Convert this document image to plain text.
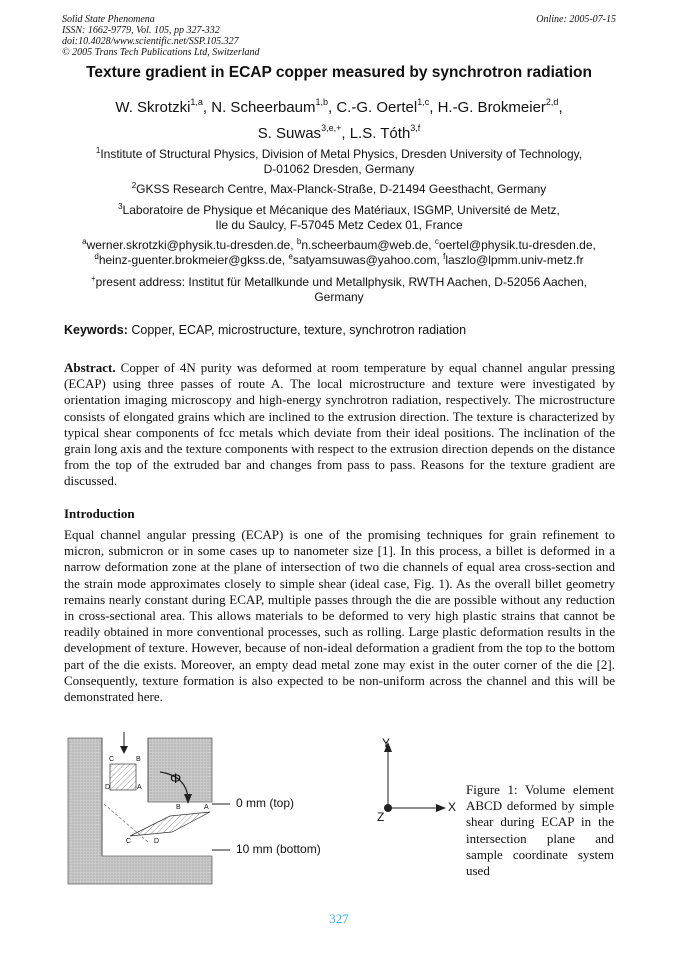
Solid State Phenomena
ISSN: 1662-9779, Vol. 105, pp 327-332
doi:10.4028/www.scientific.net/SSP.105.327
© 2005 Trans Tech Publications Ltd, Switzerland
Online: 2005-07-15
Texture gradient in ECAP copper measured by synchrotron radiation
W. Skrotzki$^{1,a}$, N. Scheerbaum$^{1,b}$, C.-G. Oertel$^{1,c}$, H.-G. Brokmeier$^{2,d}$,
S. Suwas$^{3,e,+}$, L.S. Tóth$^{3,f}$
$^1$Institute of Structural Physics, Division of Metal Physics, Dresden University of Technology,
D-01062 Dresden, Germany
$^2$GKSS Research Centre, Max-Planck-Straße, D-21494 Geesthacht, Germany
$^3$Laboratoire de Physique et Mécanique des Matériaux, ISGMP, Université de Metz,
Ile du Saulcy, F-57045 Metz Cedex 01, France
$^a$werner.skrotzki@physik.tu-dresden.de, $^b$n.scheerbaum@web.de, $^c$oertel@physik.tu-dresden.de,
$^d$heinz-guenter.brokmeier@gkss.de, $^e$satyamsuwas@yahoo.com, $^f$laszlo@lpmm.univ-metz.fr
+present address: Institut für Metallkunde und Metallphysik, RWTH Aachen, D-52056 Aachen,
Germany
Keywords: Copper, ECAP, microstructure, texture, synchrotron radiation
Abstract. Copper of 4N purity was deformed at room temperature by equal channel angular pressing (ECAP) using three passes of route A. The local microstructure and texture were investigated by orientation imaging microscopy and high-energy synchrotron radiation, respectively. The microstructure consists of elongated grains which are inclined to the extrusion direction. The texture is characterized by typical shear components of fcc metals which deviate from their ideal positions. The inclination of the grain long axis and the texture components with respect to the extrusion direction depends on the distance from the top of the extruded bar and changes from pass to pass. Reasons for the texture gradient are discussed.
Introduction
Equal channel angular pressing (ECAP) is one of the promising techniques for grain refinement to micron, submicron or in some cases up to nanometer size [1]. In this process, a billet is deformed in a narrow deformation zone at the plane of intersection of two die channels of equal area cross-section and the strain mode approximates closely to simple shear (ideal case, Fig. 1). As the overall billet geometry remains nearly constant during ECAP, multiple passes through the die are possible without any reduction in cross-sectional area. This allows materials to be deformed to very high plastic strains that cannot be readily obtained in more conventional processes, such as rolling. Large plastic deformation results in the development of texture. However, because of non-ideal deformation a gradient from the top to the bottom part of the die exists. Moreover, an empty dead metal zone may exist in the outer corner of the die [2]. Consequently, texture formation is also expected to be non-uniform across the channel and this will be demonstrated here.
C	B
D	A
B	A
C	D
Φ
0 mm (top)
10 mm (bottom)
Y
X
Z
Figure 1: Volume element ABCD deformed by simple shear during ECAP in the intersection plane and sample coordinate system used
327
